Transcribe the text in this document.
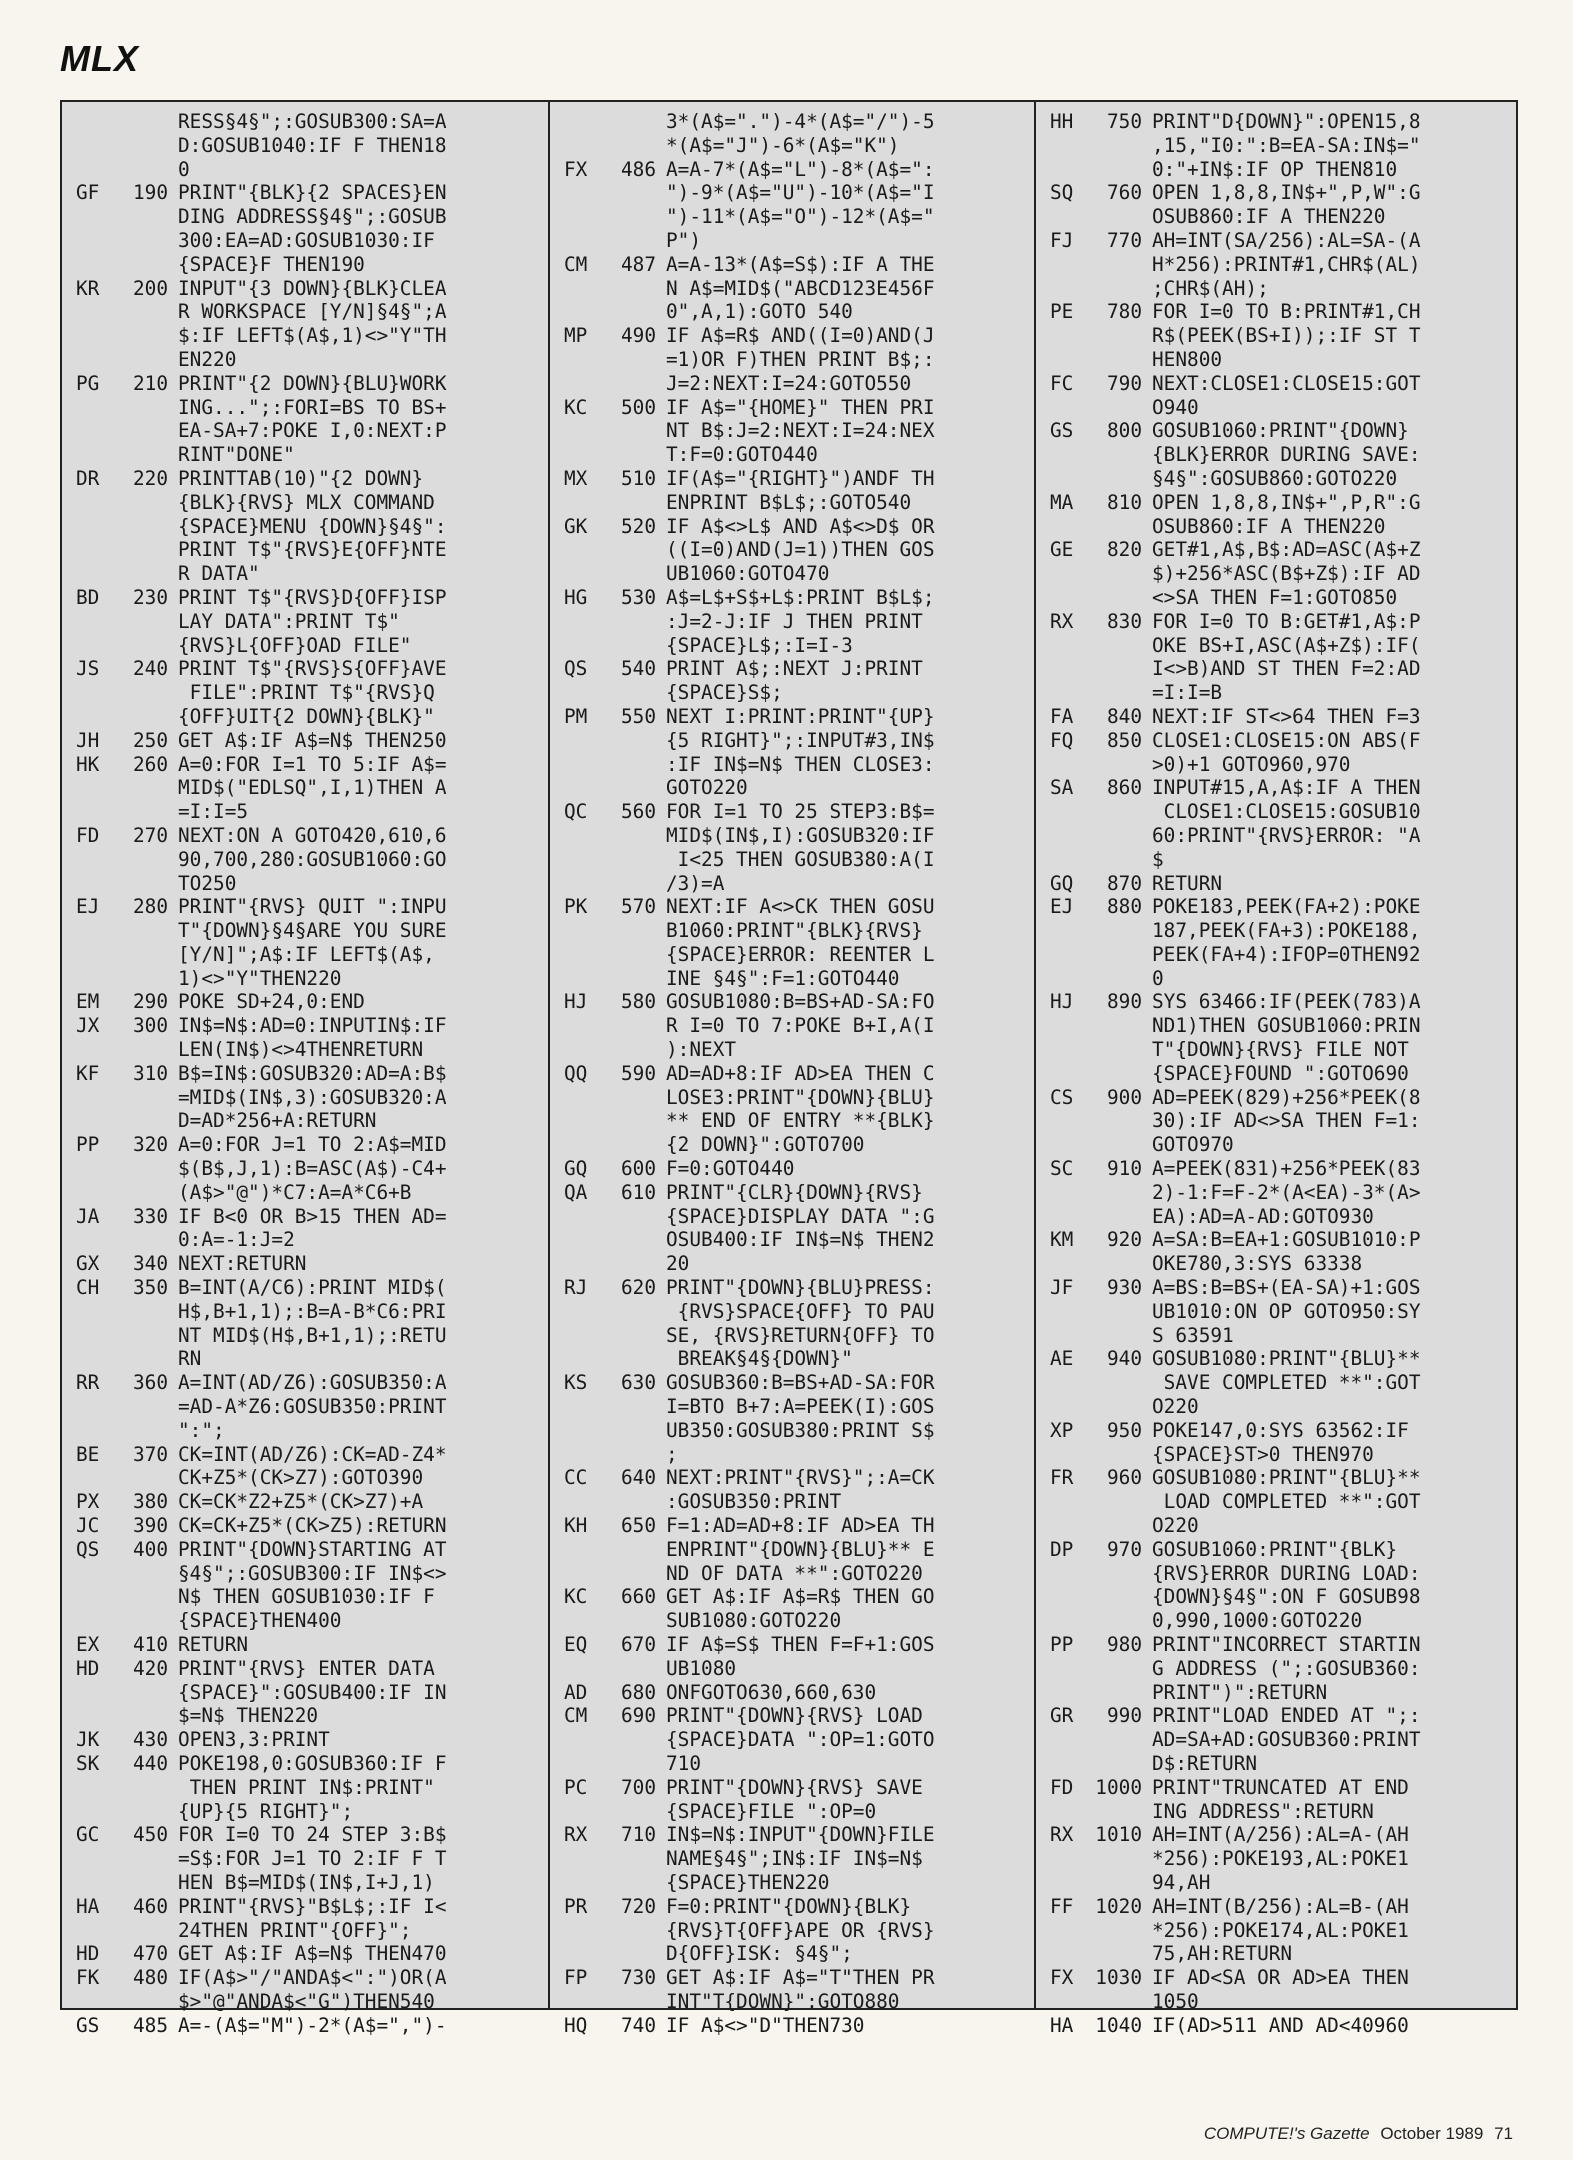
MLX
RESS§4§";:GOSUB300:SA=A
D:GOSUB1040:IF F THEN18
0
GF	190 PRINT"{BLK}{2 SPACES}EN
DING ADDRESS§4§";:GOSUB
300:EA=AD:GOSUB1030:IF
{SPACE}F THEN190
KR	200 INPUT"{3 DOWN}{BLK}CLEA
R WORKSPACE [Y/N]§4§";A
$:IF LEFT$(A$,1)<>"Y"TH
EN220
PG	210 PRINT"{2 DOWN}{BLU}WORK
ING...";:FORI=BS TO BS+
EA-SA+7:POKE I,0:NEXT:P
RINT"DONE"
DR	220 PRINTTAB(10)"{2 DOWN}
{BLK}{RVS} MLX COMMAND
{SPACE}MENU {DOWN}§4§":
PRINT T$"{RVS}E{OFF}NTE
R DATA"
BD	230 PRINT T$"{RVS}D{OFF}ISP
LAY DATA":PRINT T$"
{RVS}L{OFF}OAD FILE"
JS	240 PRINT T$"{RVS}S{OFF}AVE
FILE":PRINT T$"{RVS}Q
{OFF}UIT{2 DOWN}{BLK}"
JH	250 GET A$:IF A$=N$ THEN250
HK	260 A=0:FOR I=1 TO 5:IF A$=
MID$("EDLSQ",I,1)THEN A
=I:I=5
FD	270 NEXT:ON A GOTO420,610,6
90,700,280:GOSUB1060:GO
TO250
EJ	280 PRINT"{RVS} QUIT ":INPU
T"{DOWN}§4§ARE YOU SURE
[Y/N]";A$:IF LEFT$(A$,
1)<>"Y"THEN220
EM	290 POKE SD+24,0:END
JX	300 IN$=N$:AD=0:INPUTIN$:IF
LEN(IN$)<>4THENRETURN
KF	310 B$=IN$:GOSUB320:AD=A:B$
=MID$(IN$,3):GOSUB320:A
D=AD*256+A:RETURN
PP	320 A=0:FOR J=1 TO 2:A$=MID
$(B$,J,1):B=ASC(A$)-C4+
(A$>"@")*C7:A=A*C6+B
JA	330 IF B<0 OR B>15 THEN AD=
0:A=-1:J=2
GX	340 NEXT:RETURN
CH	350 B=INT(A/C6):PRINT MID$(
H$,B+1,1);:B=A-B*C6:PRI
NT MID$(H$,B+1,1);:RETU
RN
RR	360 A=INT(AD/Z6):GOSUB350:A
=AD-A*Z6:GOSUB350:PRINT
":";
BE	370 CK=INT(AD/Z6):CK=AD-Z4*
CK+Z5*(CK>Z7):GOTO390
PX	380 CK=CK*Z2+Z5*(CK>Z7)+A
JC	390 CK=CK+Z5*(CK>Z5):RETURN
QS	400 PRINT"{DOWN}STARTING AT
§4§";:GOSUB300:IF IN$<>
N$ THEN GOSUB1030:IF F
{SPACE}THEN400
EX	410 RETURN
HD	420 PRINT"{RVS} ENTER DATA
{SPACE}":GOSUB400:IF IN
$=N$ THEN220
JK	430 OPEN3,3:PRINT
SK	440 POKE198,0:GOSUB360:IF F
THEN PRINT IN$:PRINT"
{UP}{5 RIGHT}";
GC	450 FOR I=0 TO 24 STEP 3:B$
=S$:FOR J=1 TO 2:IF F T
HEN B$=MID$(IN$,I+J,1)
HA	460 PRINT"{RVS}"B$L$;:IF I<
24THEN PRINT"{OFF}";
HD	470 GET A$:IF A$=N$ THEN470
FK	480 IF(A$>"/"ANDA$<":")OR(A
$>"@"ANDA$<"G")THEN540
GS	485 A=-(A$="M")-2*(A$=",")-
3*(A$=".")-4*(A$="/")-5
*(A$="J")-6*(A$="K")
FX	486 A=A-7*(A$="L")-8*(A$=":
")-9*(A$="U")-10*(A$="I
")-11*(A$="O")-12*(A$="
P")
CM	487 A=A-13*(A$=S$):IF A THE
N A$=MID$("ABCD123E456F
0",A,1):GOTO 540
MP	490 IF A$=R$ AND((I=0)AND(J
=1)OR F)THEN PRINT B$;:
J=2:NEXT:I=24:GOTO550
KC	500 IF A$="{HOME}" THEN PRI
NT B$:J=2:NEXT:I=24:NEX
T:F=0:GOTO440
MX	510 IF(A$="{RIGHT}")ANDF TH
ENPRINT B$L$;:GOTO540
GK	520 IF A$<>L$ AND A$<>D$ OR
((I=0)AND(J=1))THEN GOS
UB1060:GOTO470
HG	530 A$=L$+S$+L$:PRINT B$L$;
:J=2-J:IF J THEN PRINT
{SPACE}L$;:I=I-3
QS	540 PRINT A$;:NEXT J:PRINT
{SPACE}S$;
PM	550 NEXT I:PRINT:PRINT"{UP}
{5 RIGHT}";:INPUT#3,IN$
:IF IN$=N$ THEN CLOSE3:
GOTO220
QC	560 FOR I=1 TO 25 STEP3:B$=
MID$(IN$,I):GOSUB320:IF
I<25 THEN GOSUB380:A(I
/3)=A
PK	570 NEXT:IF A<>CK THEN GOSU
B1060:PRINT"{BLK}{RVS}
{SPACE}ERROR: REENTER L
INE §4§":F=1:GOTO440
HJ	580 GOSUB1080:B=BS+AD-SA:FO
R I=0 TO 7:POKE B+I,A(I
):NEXT
QQ	590 AD=AD+8:IF AD>EA THEN C
LOSE3:PRINT"{DOWN}{BLU}
** END OF ENTRY **{BLK}
{2 DOWN}":GOTO700
GQ	600 F=0:GOTO440
QA	610 PRINT"{CLR}{DOWN}{RVS}
{SPACE}DISPLAY DATA ":G
OSUB400:IF IN$=N$ THEN2
20
RJ	620 PRINT"{DOWN}{BLU}PRESS:
{RVS}SPACE{OFF} TO PAU
SE, {RVS}RETURN{OFF} TO
BREAK§4§{DOWN}"
KS	630 GOSUB360:B=BS+AD-SA:FOR
I=BTO B+7:A=PEEK(I):GOS
UB350:GOSUB380:PRINT S$
;
CC	640 NEXT:PRINT"{RVS}";:A=CK
:GOSUB350:PRINT
KH	650 F=1:AD=AD+8:IF AD>EA TH
ENPRINT"{DOWN}{BLU}** E
ND OF DATA **":GOTO220
KC	660 GET A$:IF A$=R$ THEN GO
SUB1080:GOTO220
EQ	670 IF A$=S$ THEN F=F+1:GOS
UB1080
AD	680 ONFGOTO630,660,630
CM	690 PRINT"{DOWN}{RVS} LOAD
{SPACE}DATA ":OP=1:GOTO
710
PC	700 PRINT"{DOWN}{RVS} SAVE
{SPACE}FILE ":OP=0
RX	710 IN$=N$:INPUT"{DOWN}FILE
NAME§4§";IN$:IF IN$=N$
{SPACE}THEN220
PR	720 F=0:PRINT"{DOWN}{BLK}
{RVS}T{OFF}APE OR {RVS}
D{OFF}ISK: §4§";
FP	730 GET A$:IF A$="T"THEN PR
INT"T{DOWN}":GOTO880
HQ	740 IF A$<>"D"THEN730
HH	750 PRINT"D{DOWN}":OPEN15,8
,15,"I0:":B=EA-SA:IN$="
0:"+IN$:IF OP THEN810
SQ	760 OPEN 1,8,8,IN$+",P,W":G
OSUB860:IF A THEN220
FJ	770 AH=INT(SA/256):AL=SA-(A
H*256):PRINT#1,CHR$(AL)
;CHR$(AH);
PE	780 FOR I=0 TO B:PRINT#1,CH
R$(PEEK(BS+I));:IF ST T
HEN800
FC	790 NEXT:CLOSE1:CLOSE15:GOT
O940
GS	800 GOSUB1060:PRINT"{DOWN}
{BLK}ERROR DURING SAVE:
§4§":GOSUB860:GOTO220
MA	810 OPEN 1,8,8,IN$+",P,R":G
OSUB860:IF A THEN220
GE	820 GET#1,A$,B$:AD=ASC(A$+Z
$)+256*ASC(B$+Z$):IF AD
<>SA THEN F=1:GOTO850
RX	830 FOR I=0 TO B:GET#1,A$:P
OKE BS+I,ASC(A$+Z$):IF(
I<>B)AND ST THEN F=2:AD
=I:I=B
FA	840 NEXT:IF ST<>64 THEN F=3
FQ	850 CLOSE1:CLOSE15:ON ABS(F
>0)+1 GOTO960,970
SA	860 INPUT#15,A,A$:IF A THEN
CLOSE1:CLOSE15:GOSUB10
60:PRINT"{RVS}ERROR: "A
$
GQ	870 RETURN
EJ	880 POKE183,PEEK(FA+2):POKE
187,PEEK(FA+3):POKE188,
PEEK(FA+4):IFOP=0THEN92
0
HJ	890 SYS 63466:IF(PEEK(783)A
ND1)THEN GOSUB1060:PRIN
T"{DOWN}{RVS} FILE NOT
{SPACE}FOUND ":GOTO690
CS	900 AD=PEEK(829)+256*PEEK(8
30):IF AD<>SA THEN F=1:
GOTO970
SC	910 A=PEEK(831)+256*PEEK(83
2)-1:F=F-2*(A<EA)-3*(A>
EA):AD=A-AD:GOTO930
KM	920 A=SA:B=EA+1:GOSUB1010:P
OKE780,3:SYS 63338
JF	930 A=BS:B=BS+(EA-SA)+1:GOS
UB1010:ON OP GOTO950:SY
S 63591
AE	940 GOSUB1080:PRINT"{BLU}**
SAVE COMPLETED **":GOT
O220
XP	950 POKE147,0:SYS 63562:IF
{SPACE}ST>0 THEN970
FR	960 GOSUB1080:PRINT"{BLU}**
LOAD COMPLETED **":GOT
O220
DP	970 GOSUB1060:PRINT"{BLK}
{RVS}ERROR DURING LOAD:
{DOWN}§4§":ON F GOSUB98
0,990,1000:GOTO220
PP	980 PRINT"INCORRECT STARTIN
G ADDRESS (";:GOSUB360:
PRINT")":RETURN
GR	990 PRINT"LOAD ENDED AT ";:
AD=SA+AD:GOSUB360:PRINT
D$:RETURN
FD	1000 PRINT"TRUNCATED AT END
ING ADDRESS":RETURN
RX	1010 AH=INT(A/256):AL=A-(AH
*256):POKE193,AL:POKE1
94,AH
FF	1020 AH=INT(B/256):AL=B-(AH
*256):POKE174,AL:POKE1
75,AH:RETURN
FX	1030 IF AD<SA OR AD>EA THEN
1050
HA	1040 IF(AD>511 AND AD<40960
COMPUTE!'s Gazette October 1989 71
